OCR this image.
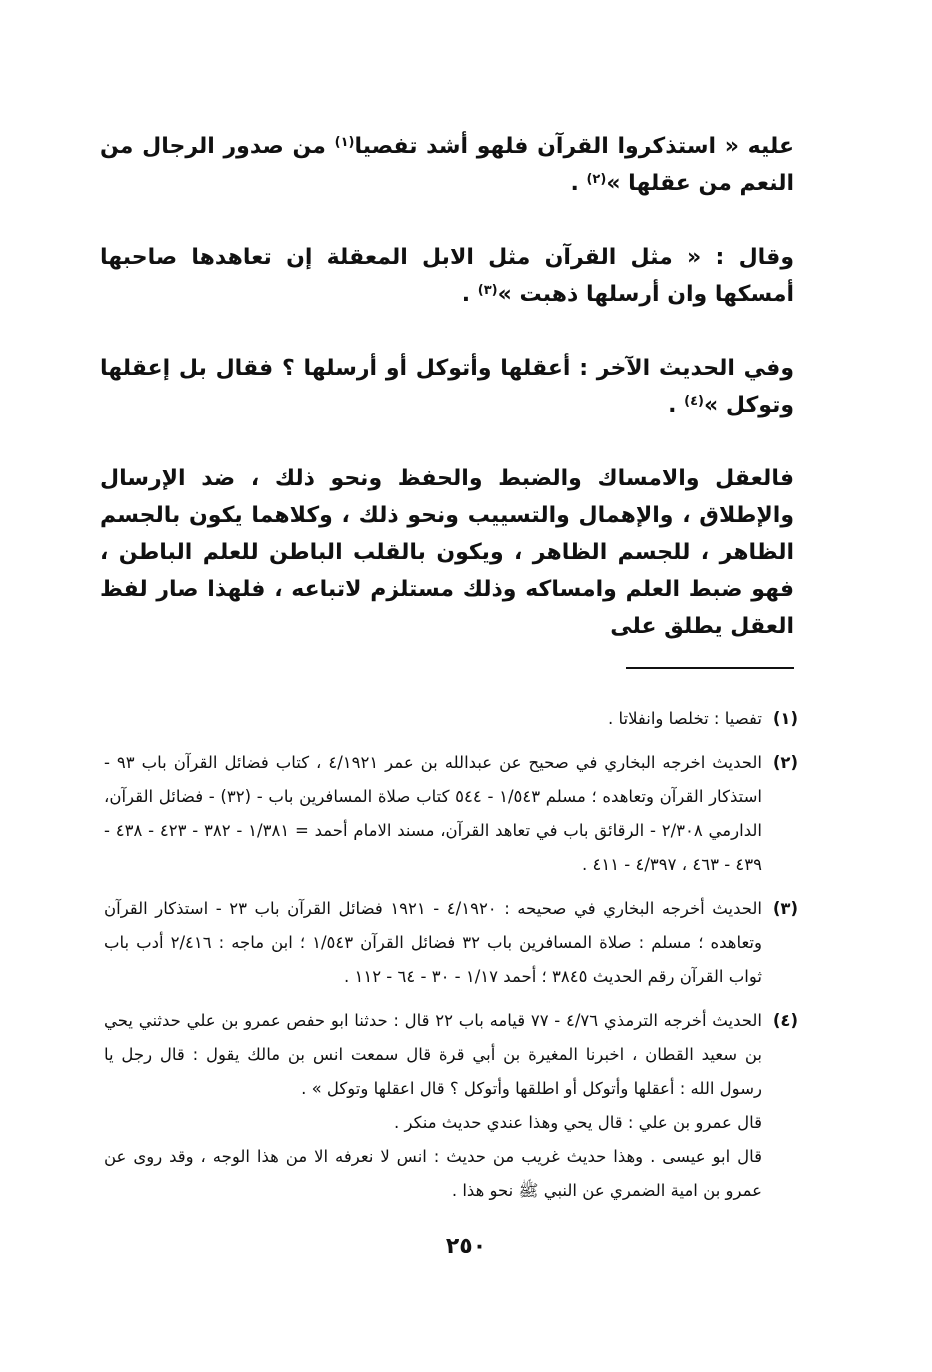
عليه « استذكروا القرآن فلهو أشد تفصيا$^{(١)}$ من صدور الرجال من النعم من عقلها »$^{(٢)}$ .

وقال : « مثل القرآن مثل الابل المعقلة إن تعاهدها صاحبها أمسكها وان أرسلها ذهبت »$^{(٣)}$ .

وفي الحديث الآخر : أعقلها وأتوكل أو أرسلها ؟ فقال بل إعقلها وتوكل »$^{(٤)}$ .

فالعقل والامساك والضبط والحفظ ونحو ذلك ، ضد الإرسال والإطلاق ، والإهمال والتسييب ونحو ذلك ، وكلاهما يكون بالجسم الظاهر ، للجسم الظاهر ، ويكون بالقلب الباطن للعلم الباطن ، فهو ضبط العلم وامساكه وذلك مستلزم لاتباعه ، فلهذا صار لفظ العقل يطلق على

(١)

تفصيا : تخلصا وانفلاتا .

(٢)

الحديث اخرجه البخاري في صحيح عن عبدالله بن عمر ٤/١٩٢١ ، كتاب فضائل القرآن باب ٩٣ - استذكار القرآن وتعاهده ؛ مسلم ١/٥٤٣ - ٥٤٤ كتاب صلاة المسافرين باب - (٣٢) - فضائل القرآن، الدارمي ٢/٣٠٨ - الرقائق باب في تعاهد القرآن، مسند الامام أحمد = ١/٣٨١ - ٣٨٢ - ٤٢٣ - ٤٣٨ - ٤٣٩ - ٤٦٣ ، ٤/٣٩٧ - ٤١١ .

(٣)

الحديث أخرجه البخاري في صحيحه : ٤/١٩٢٠ - ١٩٢١ فضائل القرآن باب ٢٣ - استذكار القرآن وتعاهده ؛ مسلم : صلاة المسافرين باب ٣٢ فضائل القرآن ١/٥٤٣ ؛ ابن ماجه : ٢/٤١٦ أدب باب ثواب القرآن رقم الحديث ٣٨٤٥ ؛ أحمد ١/١٧ - ٣٠ - ٦٤ - ١١٢ .

(٤)

الحديث أخرجه الترمذي ٤/٧٦ - ٧٧ قيامه باب ٢٢ قال : حدثنا ابو حفص عمرو بن علي حدثني يحي بن سعيد القطان ، اخبرنا المغيرة بن أبي قرة قال سمعت انس بن مالك يقول : قال رجل يا رسول الله : أعقلها وأتوكل أو اطلقها وأتوكل ؟ قال اعقلها وتوكل » .

قال عمرو بن علي : قال يحي وهذا عندي حديث منكر .

قال ابو عيسى . وهذا حديث غريب من حديث : انس لا نعرفه الا من هذا الوجه ، وقد روى عن عمرو بن امية الضمري عن النبي ﷺ نحو هذا .

٢٥٠
